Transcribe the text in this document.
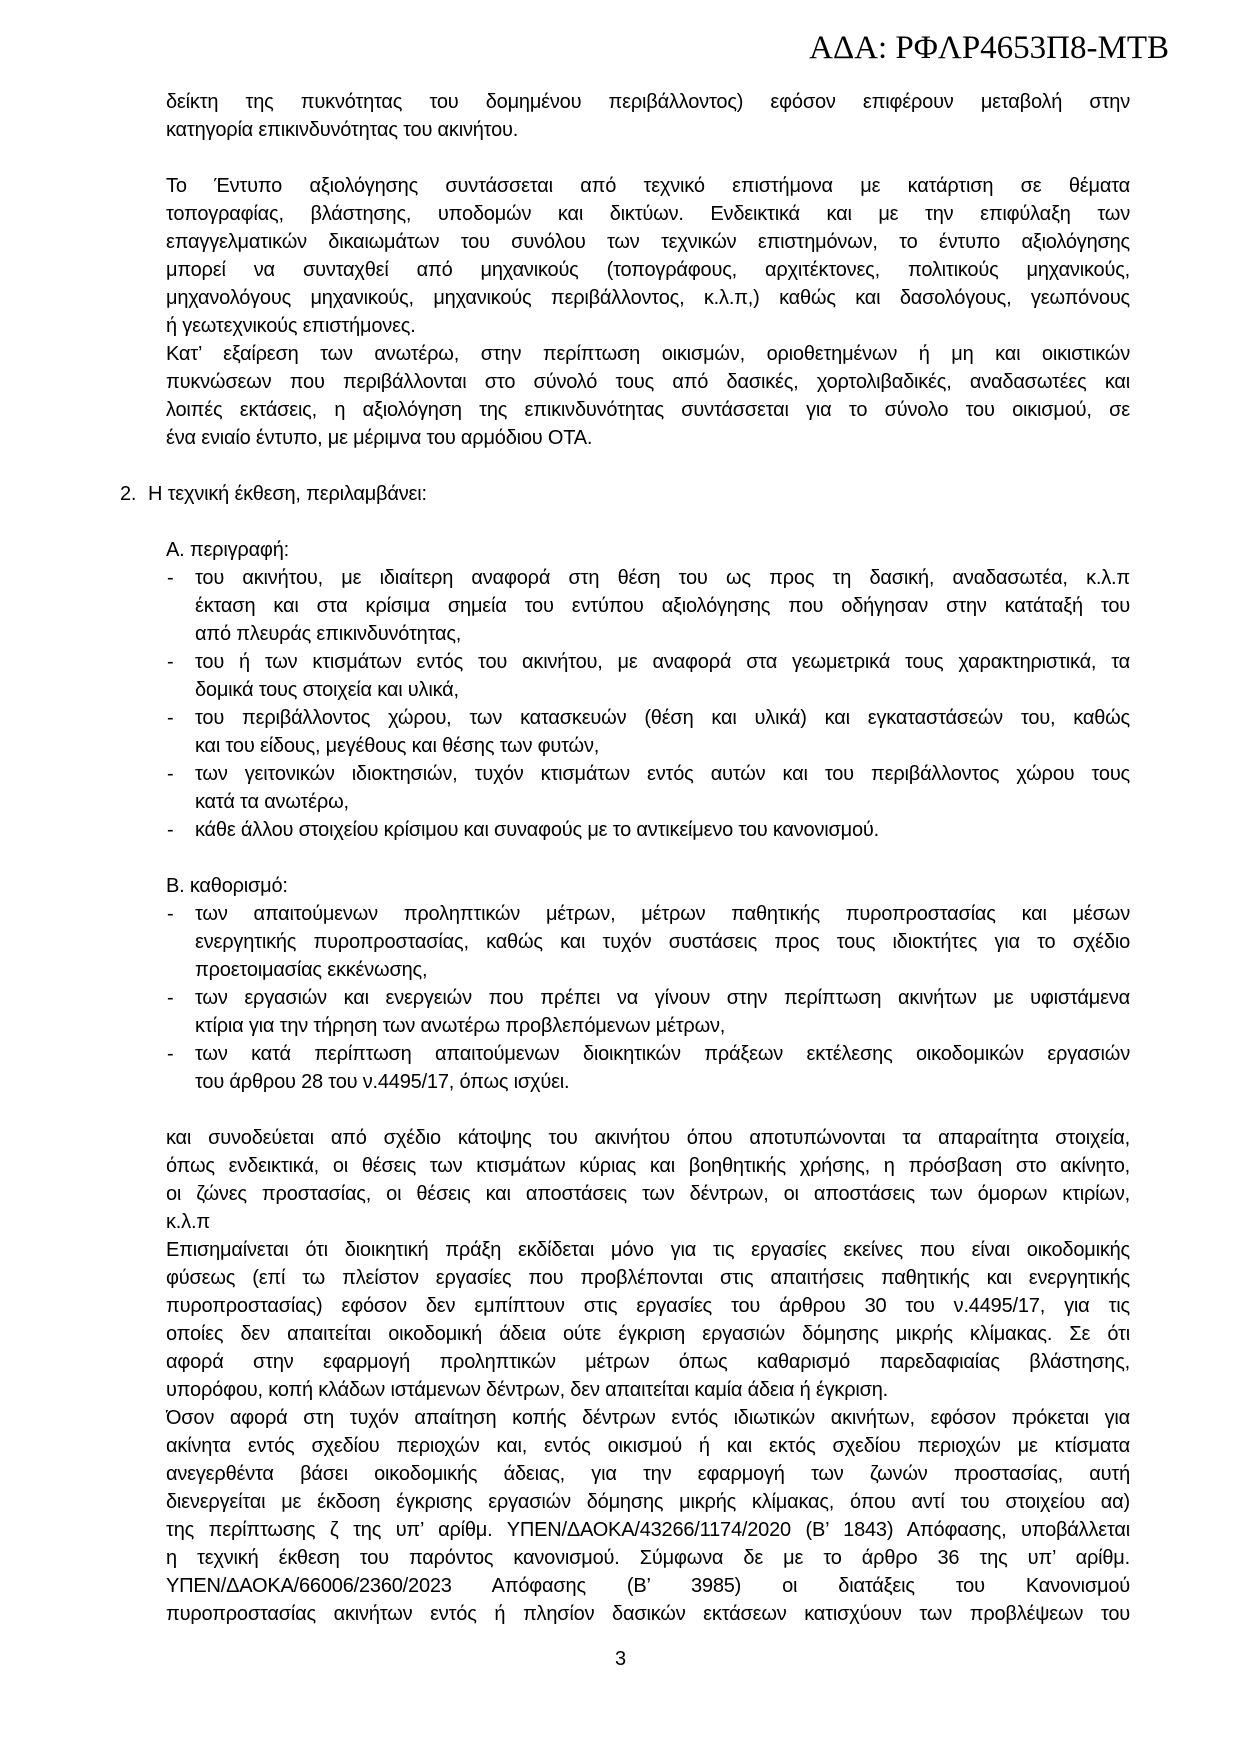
ΑΔΑ: ΡΦΛΡ4653Π8-ΜΤΒ
δείκτη της πυκνότητας του δομημένου περιβάλλοντος) εφόσον επιφέρουν μεταβολή στην
κατηγορία επικινδυνότητας του ακινήτου.
Το Έντυπο αξιολόγησης συντάσσεται από τεχνικό επιστήμονα με κατάρτιση σε θέματα
τοπογραφίας, βλάστησης, υποδομών και δικτύων. Ενδεικτικά και με την επιφύλαξη των
επαγγελματικών δικαιωμάτων του συνόλου των τεχνικών επιστημόνων, το έντυπο αξιολόγησης
μπορεί να συνταχθεί από μηχανικούς (τοπογράφους, αρχιτέκτονες, πολιτικούς μηχανικούς,
μηχανολόγους μηχανικούς, μηχανικούς περιβάλλοντος, κ.λ.π,) καθώς και δασολόγους, γεωπόνους
ή γεωτεχνικούς επιστήμονες.
Κατ’ εξαίρεση των ανωτέρω, στην περίπτωση οικισμών, οριοθετημένων ή μη και οικιστικών
πυκνώσεων που περιβάλλονται στο σύνολό τους από δασικές, χορτολιβαδικές, αναδασωτέες και
λοιπές εκτάσεις, η αξιολόγηση της επικινδυνότητας συντάσσεται για το σύνολο του οικισμού, σε
ένα ενιαίο έντυπο, με μέριμνα του αρμόδιου ΟΤΑ.
2. Η τεχνική έκθεση, περιλαμβάνει:
Α. περιγραφή:
- του ακινήτου, με ιδιαίτερη αναφορά στη θέση του ως προς τη δασική, αναδασωτέα, κ.λ.π
έκταση και στα κρίσιμα σημεία του εντύπου αξιολόγησης που οδήγησαν στην κατάταξή του
από πλευράς επικινδυνότητας,
- του ή των κτισμάτων εντός του ακινήτου, με αναφορά στα γεωμετρικά τους χαρακτηριστικά, τα
δομικά τους στοιχεία και υλικά,
- του περιβάλλοντος χώρου, των κατασκευών (θέση και υλικά) και εγκαταστάσεών του, καθώς
και του είδους, μεγέθους και θέσης των φυτών,
- των γειτονικών ιδιοκτησιών, τυχόν κτισμάτων εντός αυτών και του περιβάλλοντος χώρου τους
κατά τα ανωτέρω,
- κάθε άλλου στοιχείου κρίσιμου και συναφούς με το αντικείμενο του κανονισμού.
Β. καθορισμό:
- των απαιτούμενων προληπτικών μέτρων, μέτρων παθητικής πυροπροστασίας και μέσων
ενεργητικής πυροπροστασίας, καθώς και τυχόν συστάσεις προς τους ιδιοκτήτες για το σχέδιο
προετοιμασίας εκκένωσης,
- των εργασιών και ενεργειών που πρέπει να γίνουν στην περίπτωση ακινήτων με υφιστάμενα
κτίρια για την τήρηση των ανωτέρω προβλεπόμενων μέτρων,
- των κατά περίπτωση απαιτούμενων διοικητικών πράξεων εκτέλεσης οικοδομικών εργασιών
του άρθρου 28 του ν.4495/17, όπως ισχύει.
και συνοδεύεται από σχέδιο κάτοψης του ακινήτου όπου αποτυπώνονται τα απαραίτητα στοιχεία,
όπως ενδεικτικά, οι θέσεις των κτισμάτων κύριας και βοηθητικής χρήσης, η πρόσβαση στο ακίνητο,
οι ζώνες προστασίας, οι θέσεις και αποστάσεις των δέντρων, οι αποστάσεις των όμορων κτιρίων,
κ.λ.π
Επισημαίνεται ότι διοικητική πράξη εκδίδεται μόνο για τις εργασίες εκείνες που είναι οικοδομικής
φύσεως (επί τω πλείστον εργασίες που προβλέπονται στις απαιτήσεις παθητικής και ενεργητικής
πυροπροστασίας) εφόσον δεν εμπίπτουν στις εργασίες του άρθρου 30 του ν.4495/17, για τις
οποίες δεν απαιτείται οικοδομική άδεια ούτε έγκριση εργασιών δόμησης μικρής κλίμακας. Σε ότι
αφορά στην εφαρμογή προληπτικών μέτρων όπως καθαρισμό παρεδαφιαίας βλάστησης,
υπορόφου, κοπή κλάδων ιστάμενων δέντρων, δεν απαιτείται καμία άδεια ή έγκριση.
Όσον αφορά στη τυχόν απαίτηση κοπής δέντρων εντός ιδιωτικών ακινήτων, εφόσον πρόκεται για
ακίνητα εντός σχεδίου περιοχών και, εντός οικισμού ή και εκτός σχεδίου περιοχών με κτίσματα
ανεγερθέντα βάσει οικοδομικής άδειας, για την εφαρμογή των ζωνών προστασίας, αυτή
διενεργείται με έκδοση έγκρισης εργασιών δόμησης μικρής κλίμακας, όπου αντί του στοιχείου αα)
της περίπτωσης ζ της υπ’ αρίθμ. ΥΠΕΝ/ΔΑΟΚΑ/43266/1174/2020 (Β’ 1843) Απόφασης, υποβάλλεται
η τεχνική έκθεση του παρόντος κανονισμού. Σύμφωνα δε με το άρθρο 36 της υπ’ αρίθμ.
ΥΠΕΝ/ΔΑΟΚΑ/66006/2360/2023 Απόφασης (Β’ 3985) οι διατάξεις του Κανονισμού
πυροπροστασίας ακινήτων εντός ή πλησίον δασικών εκτάσεων κατισχύουν των προβλέψεων του
3
